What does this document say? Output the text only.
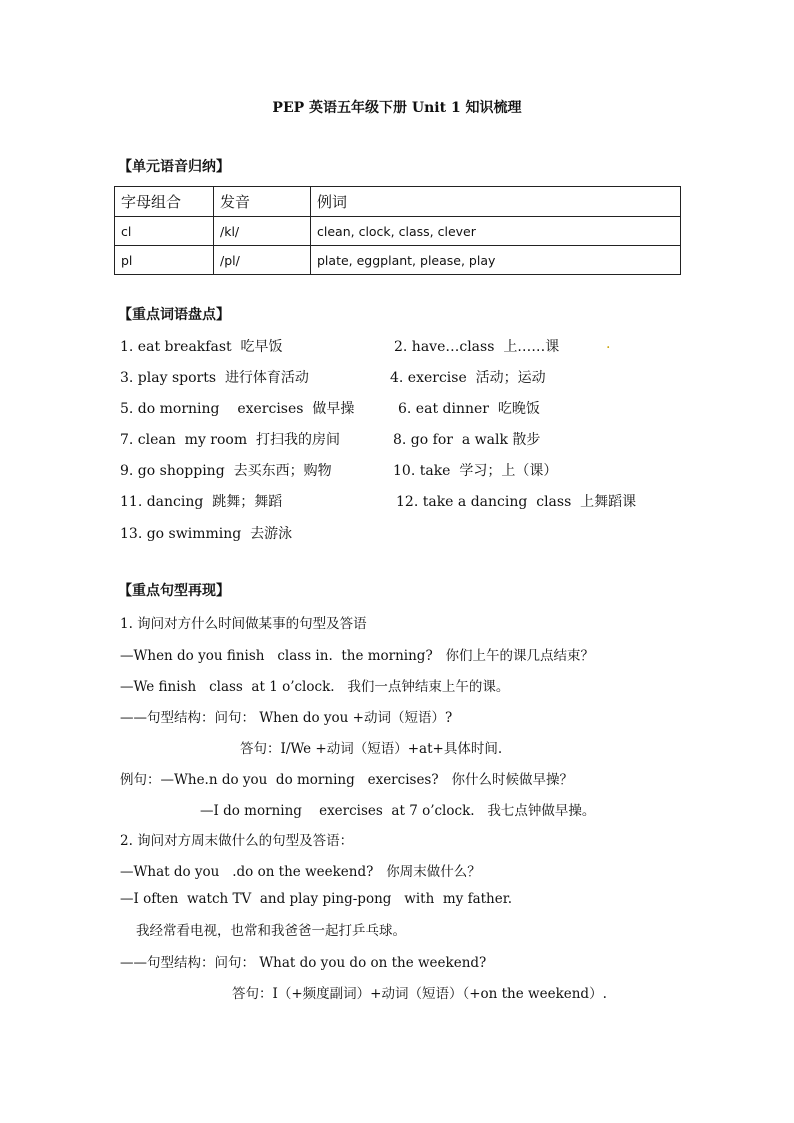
PEP 英语五年级下册 Unit 1 知识梳理
【单元语音归纳】
字母组合	发音	例词
cl	/kl/	clean, clock, class, clever
pl	/pl/	plate, eggplant, please, play
【重点词语盘点】
1. eat breakfast 吃早饭
3. play sports 进行体育活动
5. do morning    exercises 做早操
7. clean  my room 打扫我的房间
9. go shopping 去买东西；购物
11. dancing 跳舞；舞蹈
13. go swimming 去游泳
2. have…class 上……课	.
4. exercise 活动；运动
6. eat dinner 吃晚饭
8. go for  a walk 散步
10. take 学习；上（课）
12. take a dancing  class 上舞蹈课
【重点句型再现】
1. 询问对方什么时间做某事的句型及答语
—When do you finish   class in.  the morning?   你们上午的课几点结束？
—We finish   class  at 1 o’clock.   我们一点钟结束上午的课。
——句型结构：问句： When do you +动词（短语）?
答句：I/We +动词（短语）+at+具体时间.
例句：—Whe.n do you  do morning   exercises?   你什么时候做早操？
—I do morning    exercises  at 7 o’clock.   我七点钟做早操。
2. 询问对方周末做什么的句型及答语：
—What do you   .do on the weekend?   你周末做什么？
—I often  watch TV  and play ping-pong   with  my father.
我经常看电视，也常和我爸爸一起打乒乓球。
——句型结构：问句： What do you do on the weekend?
答句：I（+频度副词）+动词（短语）（+on the weekend）.
